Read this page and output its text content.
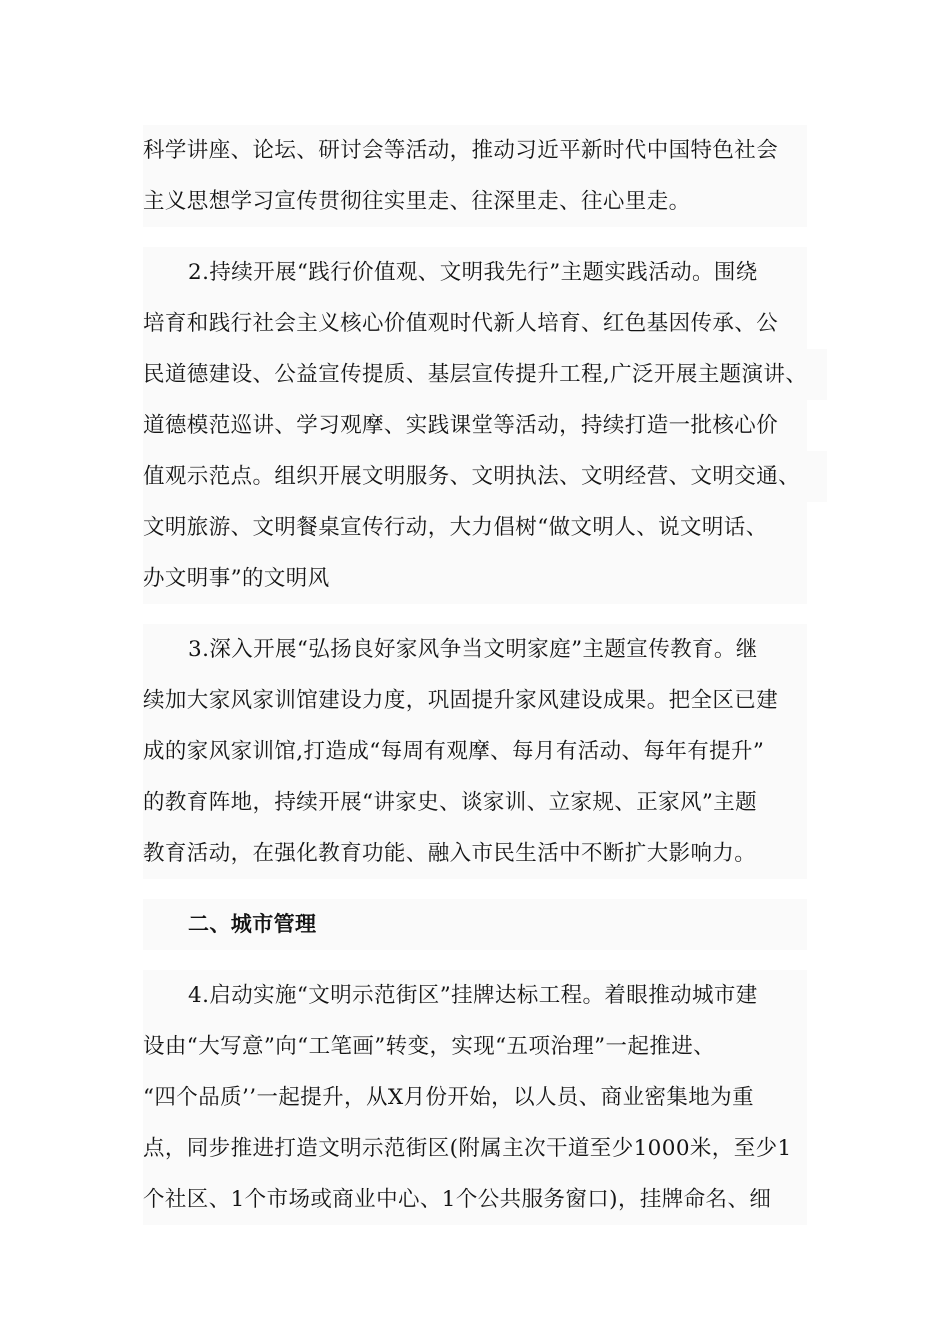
科学讲座、论坛、研讨会等活动，推动习近平新时代中国特色社会
主义思想学习宣传贯彻往实里走、往深里走、往心里走。
2.持续开展“践行价值观、文明我先行”主题实践活动。围绕
培育和践行社会主义核心价值观时代新人培育、红色基因传承、公
民道德建设、公益宣传提质、基层宣传提升工程,广泛开展主题演讲、
道德模范巡讲、学习观摩、实践课堂等活动，持续打造一批核心价
值观示范点。组织开展文明服务、文明执法、文明经营、文明交通、
文明旅游、文明餐桌宣传行动，大力倡树“做文明人、说文明话、
办文明事”的文明风
3.深入开展“弘扬良好家风争当文明家庭”主题宣传教育。继
续加大家风家训馆建设力度，巩固提升家风建设成果。把全区已建
成的家风家训馆,打造成“每周有观摩、每月有活动、每年有提升”
的教育阵地，持续开展“讲家史、谈家训、立家规、正家风”主题
教育活动，在强化教育功能、融入市民生活中不断扩大影响力。
二、城市管理
4.启动实施“文明示范街区”挂牌达标工程。着眼推动城市建
设由“大写意”向“工笔画”转变，实现“五项治理”一起推进、
“四个品质’’一起提升，从X月份开始，以人员、商业密集地为重
点，同步推进打造文明示范街区(附属主次干道至少1000米，至少1
个社区、1个市场或商业中心、1个公共服务窗口)，挂牌命名、细
